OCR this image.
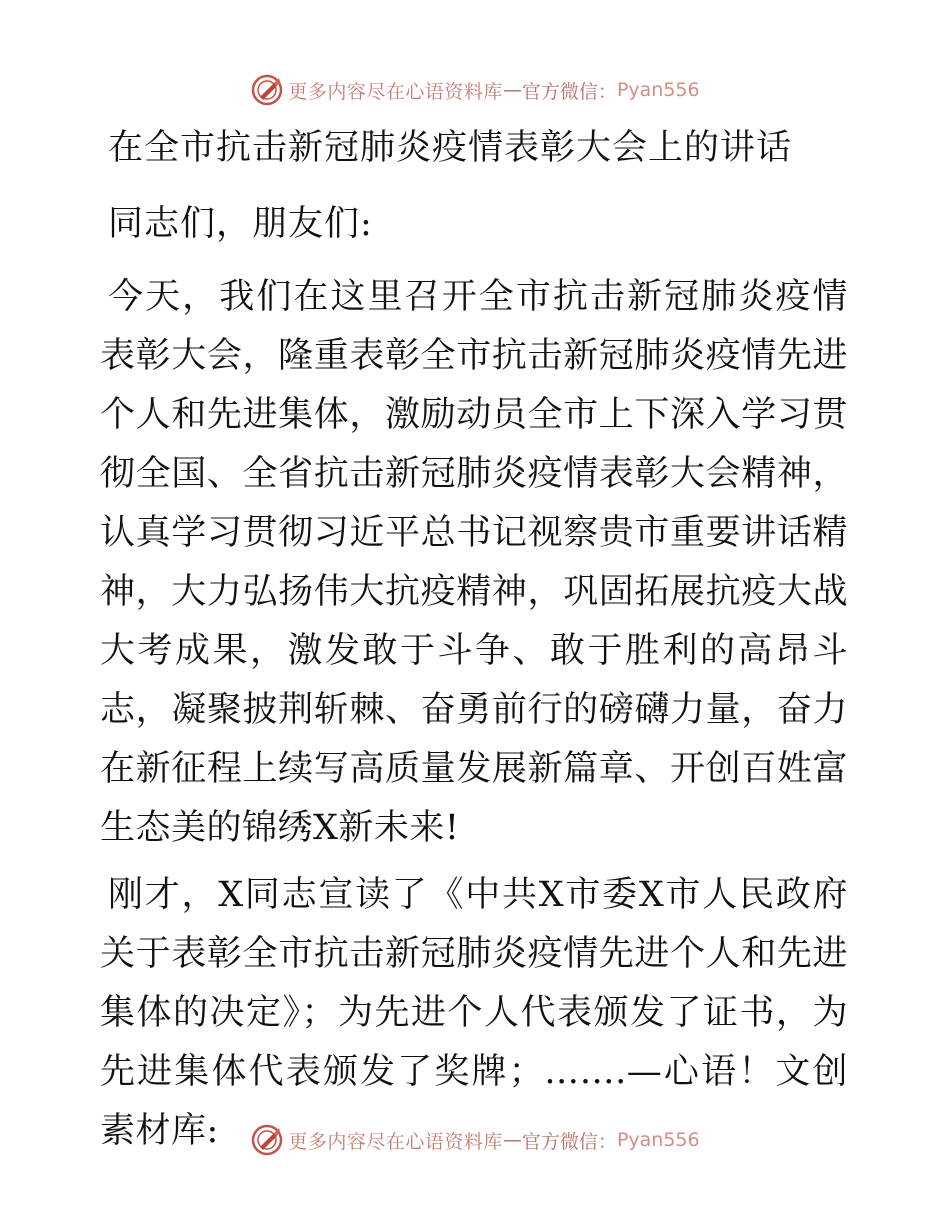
更多内容尽在心语资料库 — 官方微信： Pyan556
在全市抗击新冠肺炎疫情表彰大会上的讲话
同志们，朋友们:

今天，我们在这里召开全市抗击新冠肺炎疫情表彰大会，隆重表彰全市抗击新冠肺炎疫情先进个人和先进集体，激励动员全市上下深入学习贯彻全国、全省抗击新冠肺炎疫情表彰大会精神，认真学习贯彻习近平总书记视察贵市重要讲话精神，大力弘扬伟大抗疫精神，巩固拓展抗疫大战大考成果，激发敢于斗争、敢于胜利的高昂斗志，凝聚披荆斩棘、奋勇前行的磅礴力量，奋力在新征程上续写高质量发展新篇章、开创百姓富生态美的锦绣X新未来!

刚才，X同志宣读了《中共X市委X市人民政府关于表彰全市抗击新冠肺炎疫情先进个人和先进集体的决定》；为先进个人代表颁发了证书，为先进集体代表颁发了奖牌；…….—心语！文创素材库:	更多内容尽在心语资料库 — 官方微信： Pyan556
